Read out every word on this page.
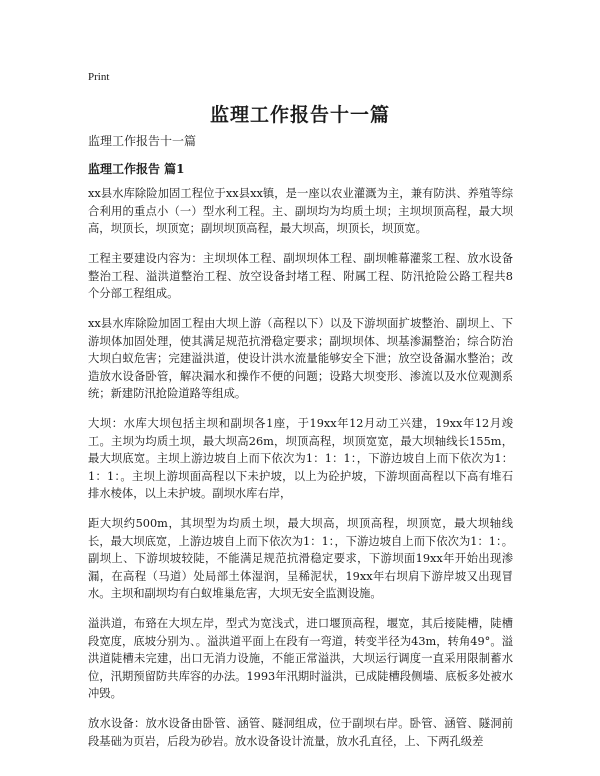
Print
监理工作报告十一篇
监理工作报告十一篇
监理工作报告 篇1

xx县水库除险加固工程位于xx县xx镇，是一座以农业灌溉为主，兼有防洪、养殖等综合利用的重点小（一）型水利工程。主、副坝均为均质土坝；主坝坝顶高程，最大坝高，坝顶长，坝顶宽；副坝坝顶高程，最大坝高，坝顶长，坝顶宽。

工程主要建设内容为：主坝坝体工程、副坝坝体工程、副坝帷幕灌浆工程、放水设备整治工程、溢洪道整治工程、放空设备封堵工程、附属工程、防汛抢险公路工程共8个分部工程组成。

xx县水库除险加固工程由大坝上游（高程以下）以及下游坝面扩坡整治、副坝上、下游坝体加固处理，使其满足规范抗滑稳定要求；副坝坝体、坝基渗漏整治；综合防治大坝白蚁危害；完建溢洪道，使设计洪水流量能够安全下泄；放空设备漏水整治；改造放水设备卧管，解决漏水和操作不便的问题；设路大坝变形、渗流以及水位观测系统；新建防汛抢险道路等组成。

大坝：水库大坝包括主坝和副坝各1座，于19xx年12月动工兴建，19xx年12月竣工。主坝为均质土坝，最大坝高26m，坝顶高程，坝顶宽宽，最大坝轴线长155m，最大坝底宽。主坝上游边坡自上而下依次为1：1：1：，下游边坡自上而下依次为1：1：1：。主坝上游坝面高程以下未护坡，以上为砼护坡，下游坝面高程以下高有堆石排水棱体，以上未护坡。副坝水库右岸，

距大坝约500m，其坝型为均质土坝，最大坝高，坝顶高程，坝顶宽，最大坝轴线长，最大坝底宽，上游边坡自上而下依次为1：1：，下游边坡自上而下依次为1：1：。副坝上、下游坝坡较陡，不能满足规范抗滑稳定要求，下游坝面19xx年开始出现渗漏，在高程（马道）处局部土体湿润，呈稀泥状，19xx年右坝肩下游岸坡又出现冒水。主坝和副坝均有白蚁堆巢危害，大坝无安全监测设施。

溢洪道，布臵在大坝左岸，型式为宽浅式，进口堰顶高程，堰宽，其后接陡槽，陡槽段宽度，底坡分别为、。溢洪道平面上在段有一弯道，转变半径为43m，转角49°。溢洪道陡槽未完建，出口无消力设施，不能正常溢洪，大坝运行调度一直采用限制蓄水位，汛期预留防共库容的办法。1993年汛期时溢洪，已成陡槽段侧墙、底板多处被水冲毁。

放水设备：放水设备由卧管、涵管、隧洞组成，位于副坝右岸。卧管、涵管、隧洞前段基础为页岩，后段为砂岩。放水设备设计流量，放水孔直径，上、下两孔级差
